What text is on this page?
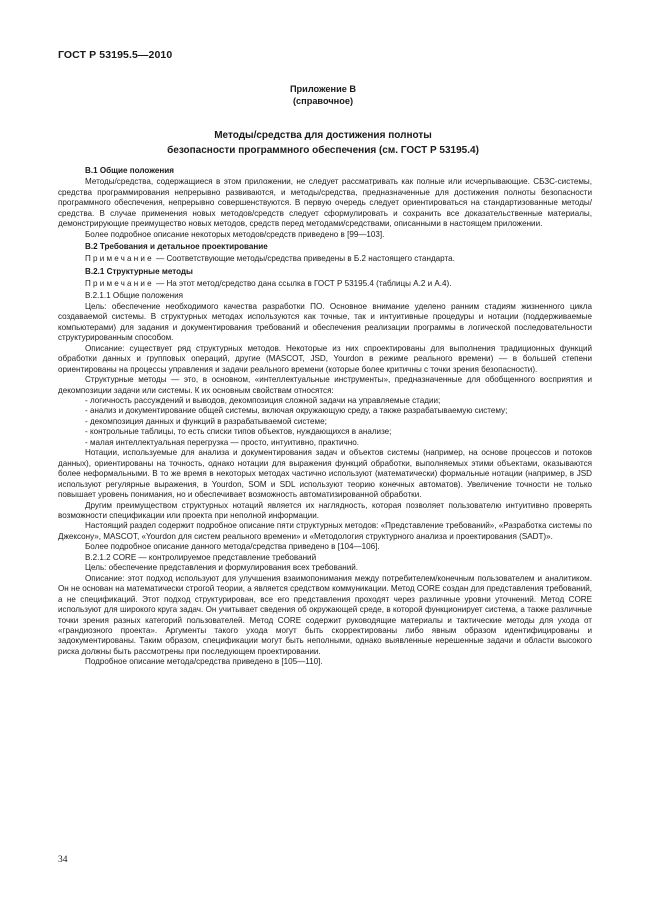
ГОСТ Р 53195.5—2010
Приложение В
(справочное)
Методы/средства для достижения полноты
безопасности программного обеспечения (см. ГОСТ Р 53195.4)

В.1 Общие положения

Методы/средства, содержащиеся в этом приложении, не следует рассматривать как полные или исчерпывающие. СБЗС-системы, средства программирования непрерывно развиваются, и методы/средства, предназначенные для достижения полноты безопасности программного обеспечения, непрерывно совершенствуются. В первую очередь следует ориентироваться на стандартизованные методы/средства. В случае применения новых методов/средств следует сформулировать и сохранить все доказательственные материалы, демонстрирующие преимущество новых методов, средств перед методами/средствами, описанными в настоящем приложении.

Более подробное описание некоторых методов/средств приведено в [99—103].

В.2 Требования и детальное проектирование

Примечание — Соответствующие методы/средства приведены в Б.2 настоящего стандарта.

В.2.1 Структурные методы

Примечание — На этот метод/средство дана ссылка в ГОСТ Р 53195.4 (таблицы А.2 и А.4).

В.2.1.1 Общие положения

Цель: обеспечение необходимого качества разработки ПО. Основное внимание уделено ранним стадиям жизненного цикла создаваемой системы. В структурных методах используются как точные, так и интуитивные процедуры и нотации (поддерживаемые компьютерами) для задания и документирования требований и обеспечения реализации программы в логической последовательности структурированным способом.

Описание: существует ряд структурных методов. Некоторые из них спроектированы для выполнения традиционных функций обработки данных и групповых операций, другие (MASCOT, JSD, Yourdon в режиме реального времени) — в большей степени ориентированы на процессы управления и задачи реального времени (которые более критичны с точки зрения безопасности).

Структурные методы — это, в основном, «интеллектуальные инструменты», предназначенные для обобщенного восприятия и декомпозиции задачи или системы. К их основным свойствам относятся:

- логичность рассуждений и выводов, декомпозиция сложной задачи на управляемые стадии;

- анализ и документирование общей системы, включая окружающую среду, а также разрабатываемую систему;

- декомпозиция данных и функций в разрабатываемой системе;

- контрольные таблицы, то есть списки типов объектов, нуждающихся в анализе;

- малая интеллектуальная перегрузка — просто, интуитивно, практично.

Нотации, используемые для анализа и документирования задач и объектов системы (например, на основе процессов и потоков данных), ориентированы на точность, однако нотации для выражения функций обработки, выполняемых этими объектами, оказываются более неформальными. В то же время в некоторых методах частично используют (математически) формальные нотации (например, в JSD используют регулярные выражения, в Yourdon, SOM и SDL используют теорию конечных автоматов). Увеличение точности не только повышает уровень понимания, но и обеспечивает возможность автоматизированной обработки.

Другим преимуществом структурных нотаций является их наглядность, которая позволяет пользователю интуитивно проверять возможности спецификации или проекта при неполной информации.

Настоящий раздел содержит подробное описание пяти структурных методов: «Представление требований», «Разработка системы по Джексону», MASCOT, «Yourdon для систем реального времени» и «Методология структурного анализа и проектирования (SADT)».

Более подробное описание данного метода/средства приведено в [104—106].

В.2.1.2 CORE — контролируемое представление требований

Цель: обеспечение представления и формулирования всех требований.

Описание: этот подход используют для улучшения взаимопонимания между потребителем/конечным пользователем и аналитиком. Он не основан на математически строгой теории, а является средством коммуникации. Метод CORE создан для представления требований, а не спецификаций. Этот подход структурирован, все его представления проходят через различные уровни уточнений. Метод CORE используют для широкого круга задач. Он учитывает сведения об окружающей среде, в которой функционирует система, а также различные точки зрения разных категорий пользователей. Метод CORE содержит руководящие материалы и тактические методы для ухода от «грандиозного проекта». Аргументы такого ухода могут быть скорректированы либо явным образом идентифицированы и задокументированы. Таким образом, спецификации могут быть неполными, однако выявленные нерешенные задачи и области высокого риска должны быть рассмотрены при последующем проектировании.

Подробное описание метода/средства приведено в [105—110].

34
